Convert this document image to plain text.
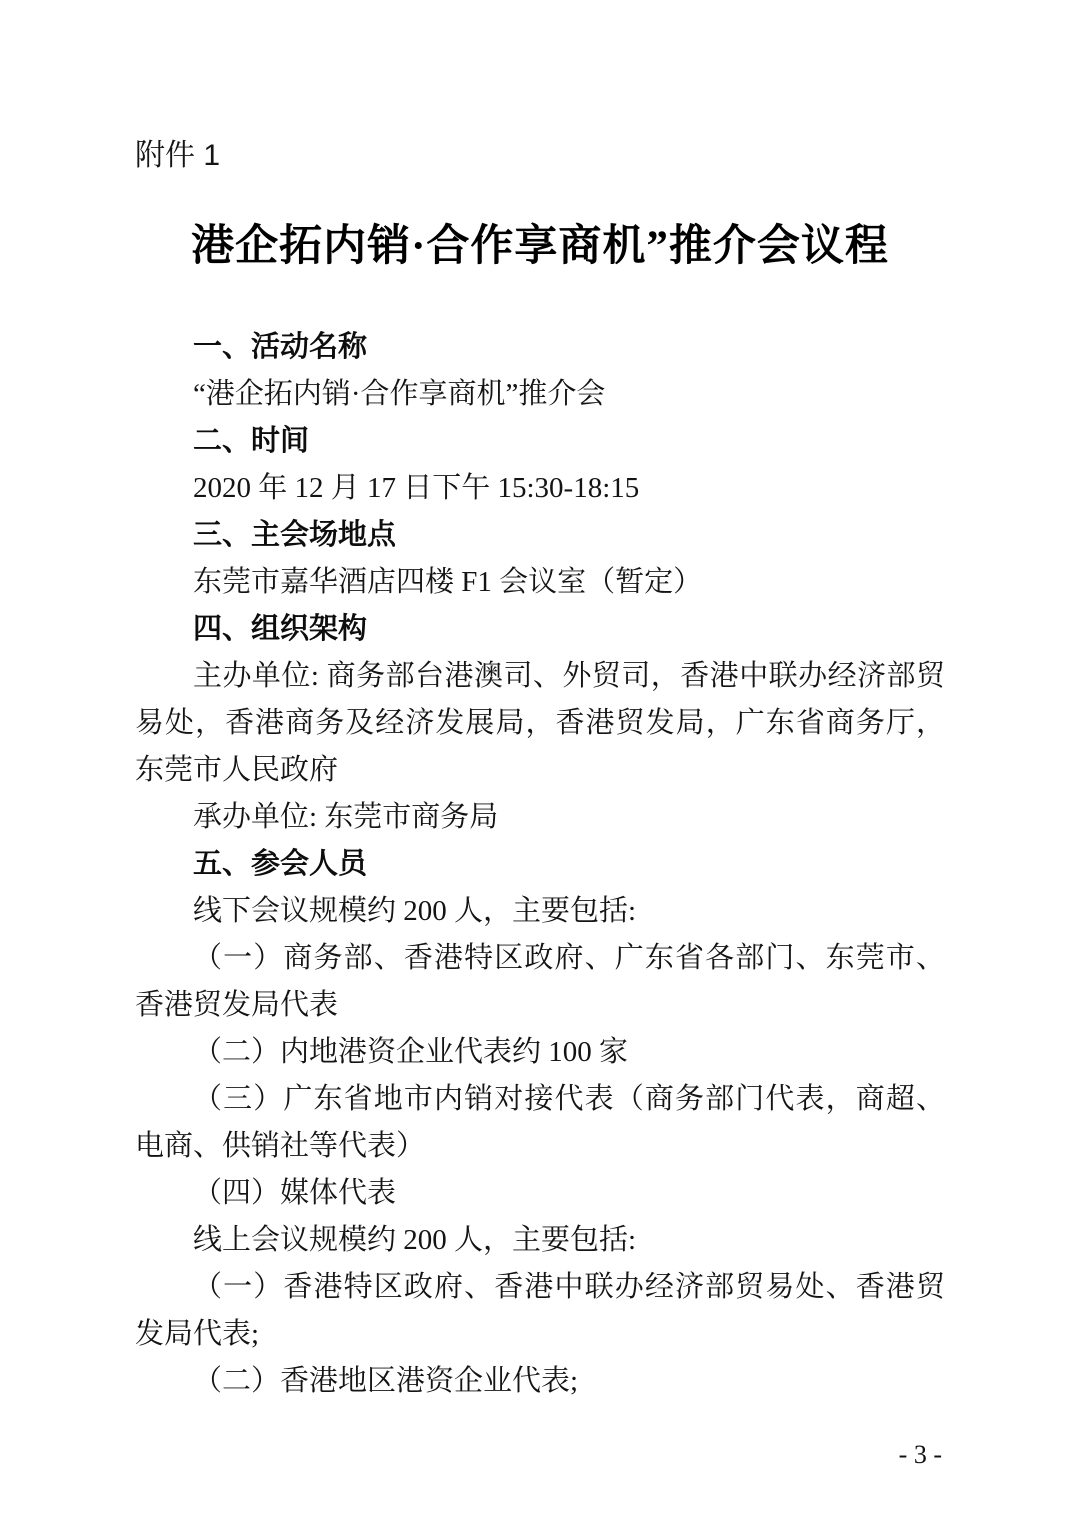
附件 1
港企拓内销·合作享商机”推介会议程
一、活动名称

“港企拓内销·合作享商机”推介会

二、时间

2020 年 12 月 17 日下午 15:30-18:15

三、主会场地点

东莞市嘉华酒店四楼 F1 会议室（暂定）

四、组织架构

主办单位: 商务部台港澳司、外贸司，香港中联办经济部贸易处，香港商务及经济发展局，香港贸发局，广东省商务厅，东莞市人民政府

承办单位: 东莞市商务局

五、参会人员

线下会议规模约 200 人，主要包括:

（一）商务部、香港特区政府、广东省各部门、东莞市、香港贸发局代表

（二）内地港资企业代表约 100 家

（三）广东省地市内销对接代表（商务部门代表，商超、电商、供销社等代表）

（四）媒体代表

线上会议规模约 200 人，主要包括:

（一）香港特区政府、香港中联办经济部贸易处、香港贸发局代表;

（二）香港地区港资企业代表;

- 3 -
